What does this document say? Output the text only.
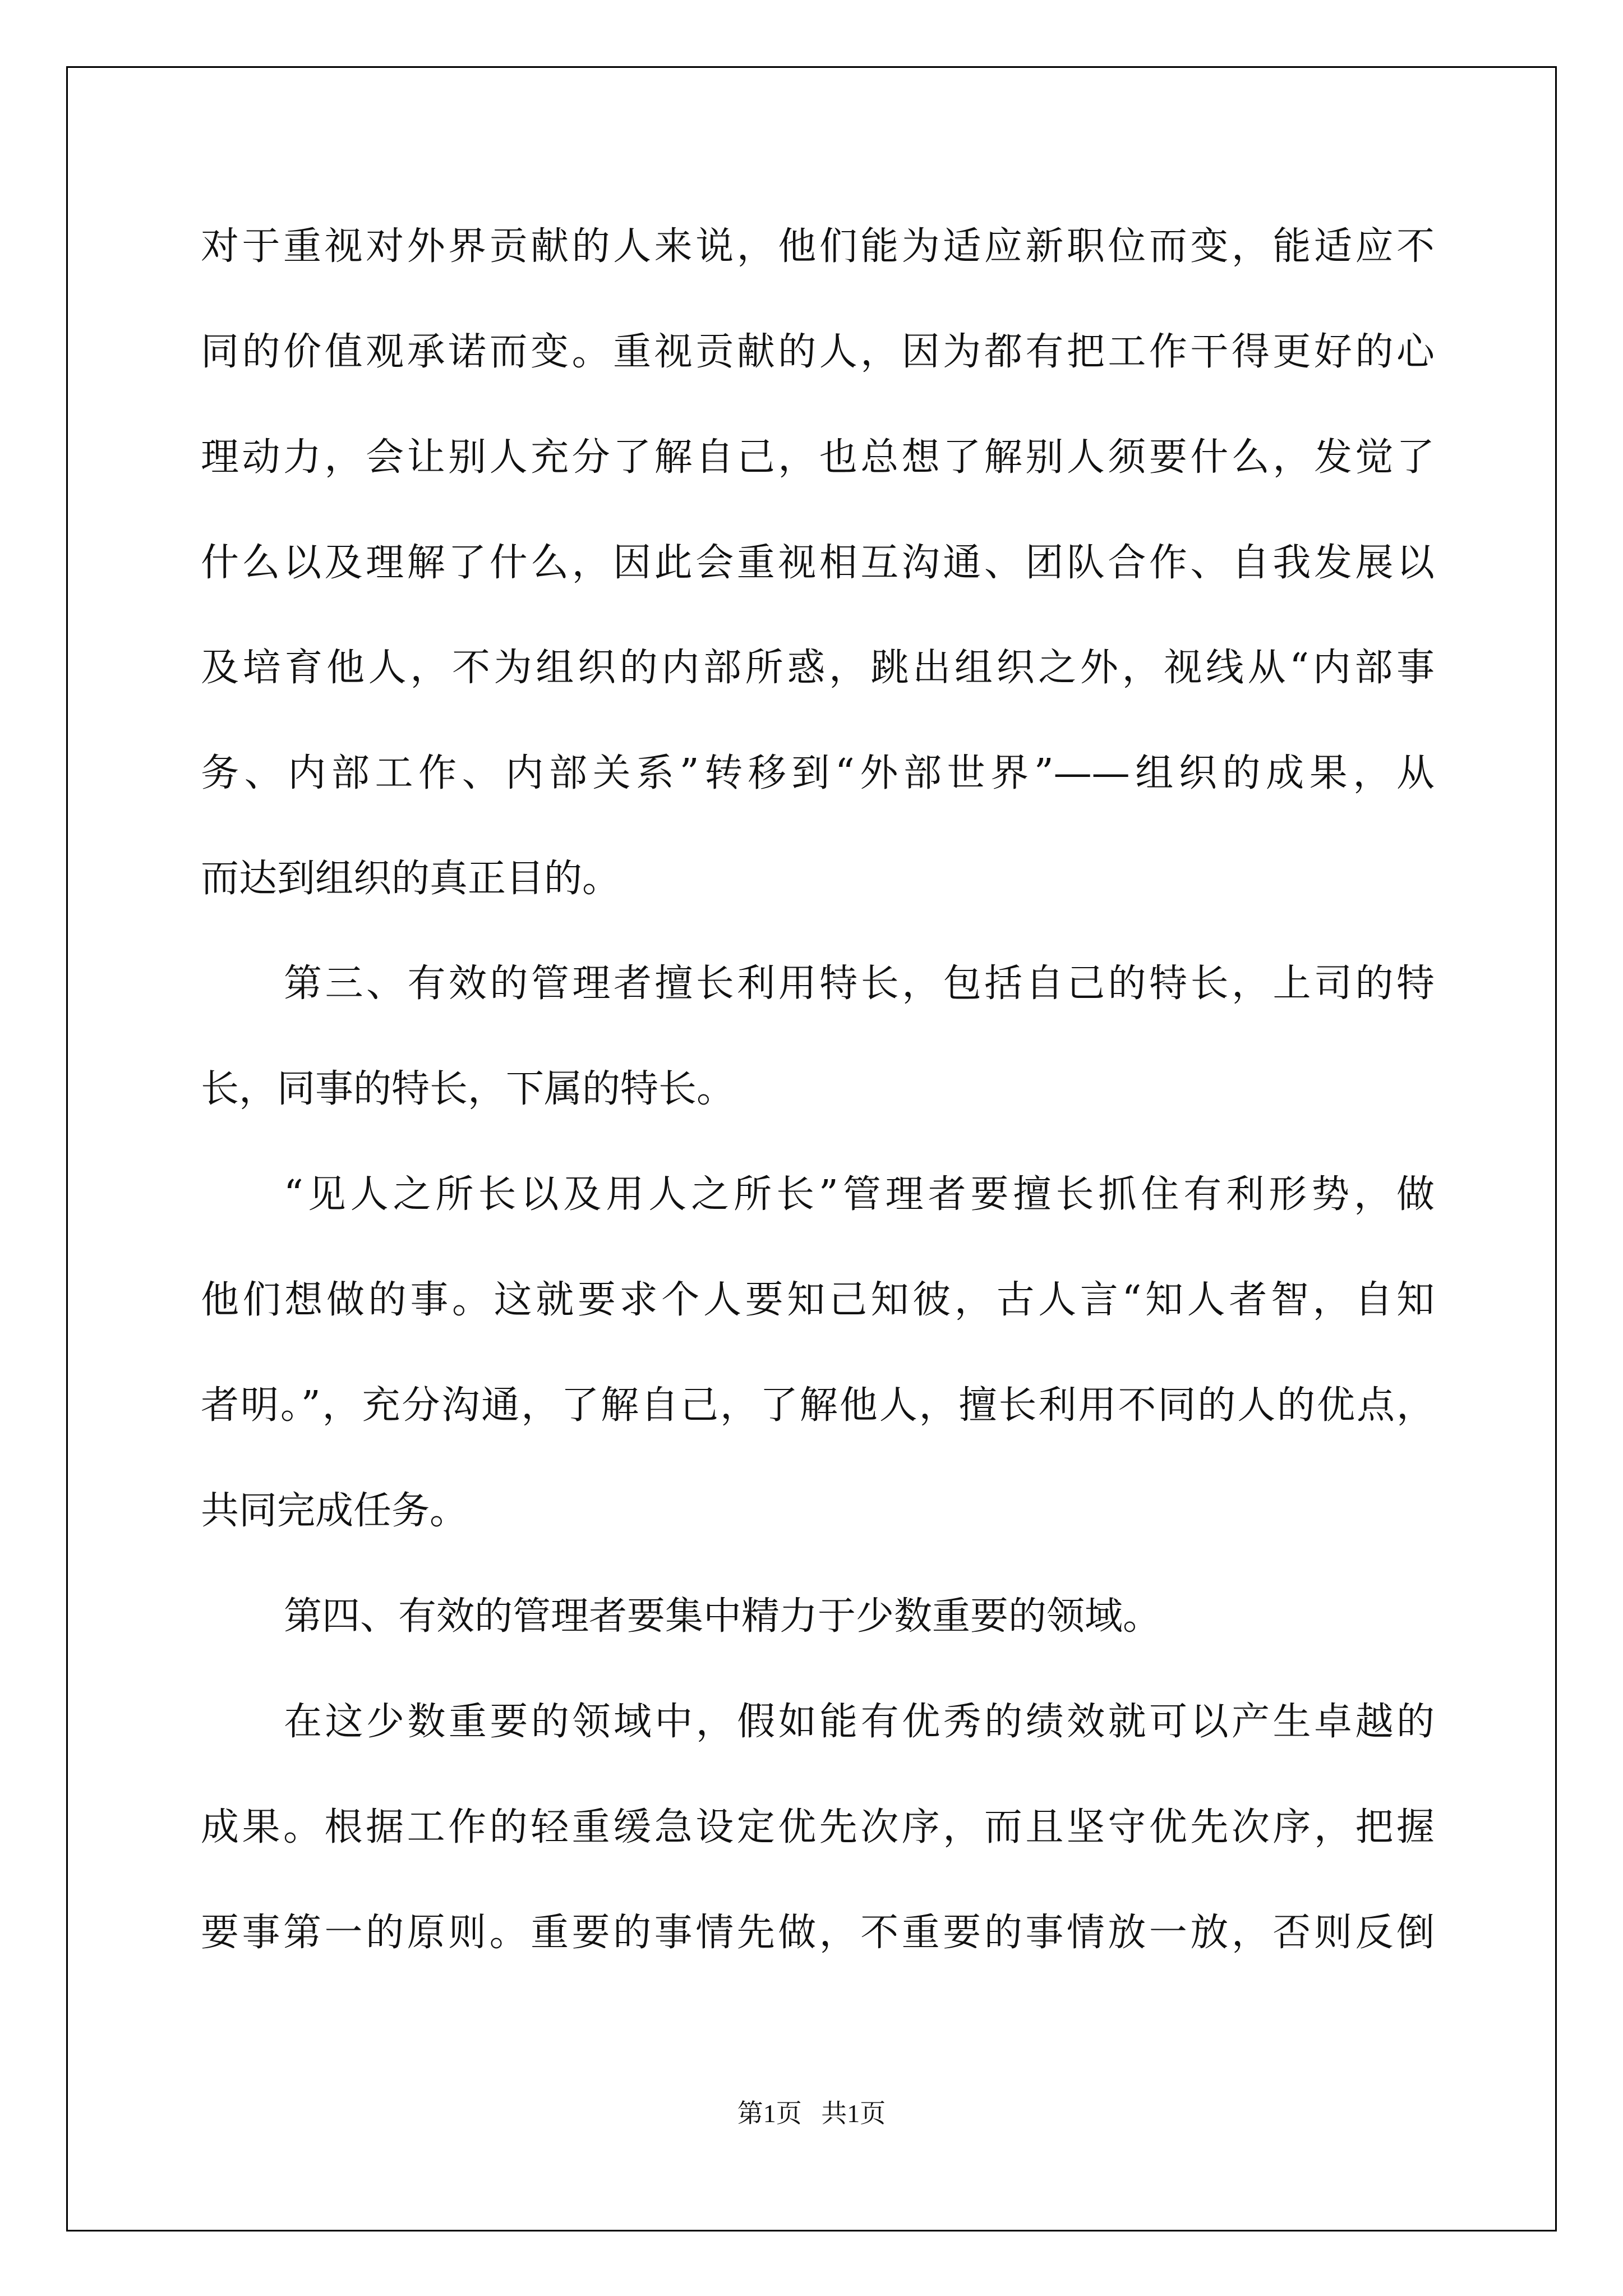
对于重视对外界贡献的人来说，他们能为适应新职位而变，能适应不
同的价值观承诺而变。重视贡献的人，因为都有把工作干得更好的心
理动力，会让别人充分了解自己，也总想了解别人须要什么，发觉了
什么以及理解了什么，因此会重视相互沟通、团队合作、自我发展以
及培育他人，不为组织的内部所惑，跳出组织之外，视线从“内部事
务、内部工作、内部关系”转移到“外部世界”——组织的成果，从
而达到组织的真正目的。
第三、有效的管理者擅长利用特长，包括自己的特长，上司的特
长，同事的特长，下属的特长。
“见人之所长以及用人之所长”管理者要擅长抓住有利形势，做
他们想做的事。这就要求个人要知己知彼，古人言“知人者智，自知
者明。”，充分沟通，了解自己，了解他人，擅长利用不同的人的优点，
共同完成任务。
第四、有效的管理者要集中精力于少数重要的领域。
在这少数重要的领域中，假如能有优秀的绩效就可以产生卓越的
成果。根据工作的轻重缓急设定优先次序，而且坚守优先次序，把握
要事第一的原则。重要的事情先做，不重要的事情放一放，否则反倒
第1页   共1页
